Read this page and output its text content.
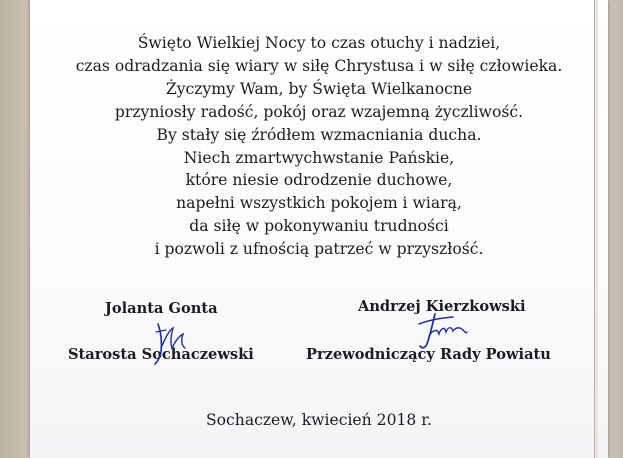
Święto Wielkiej Nocy to czas otuchy i nadziei,
czas odradzania się wiary w siłę Chrystusa i w siłę człowieka.
Życzymy Wam, by Święta Wielkanocne
przyniosły radość, pokój oraz wzajemną życzliwość.
By stały się źródłem wzmacniania ducha.
Niech zmartwychwstanie Pańskie,
które niesie odrodzenie duchowe,
napełni wszystkich pokojem i wiarą,
da siłę w pokonywaniu trudności
i pozwoli z ufnością patrzeć w przyszłość.
Jolanta Gonta
Starosta Sochaczewski
Andrzej Kierzkowski
Przewodniczący Rady Powiatu
Sochaczew, kwiecień 2018 r.
